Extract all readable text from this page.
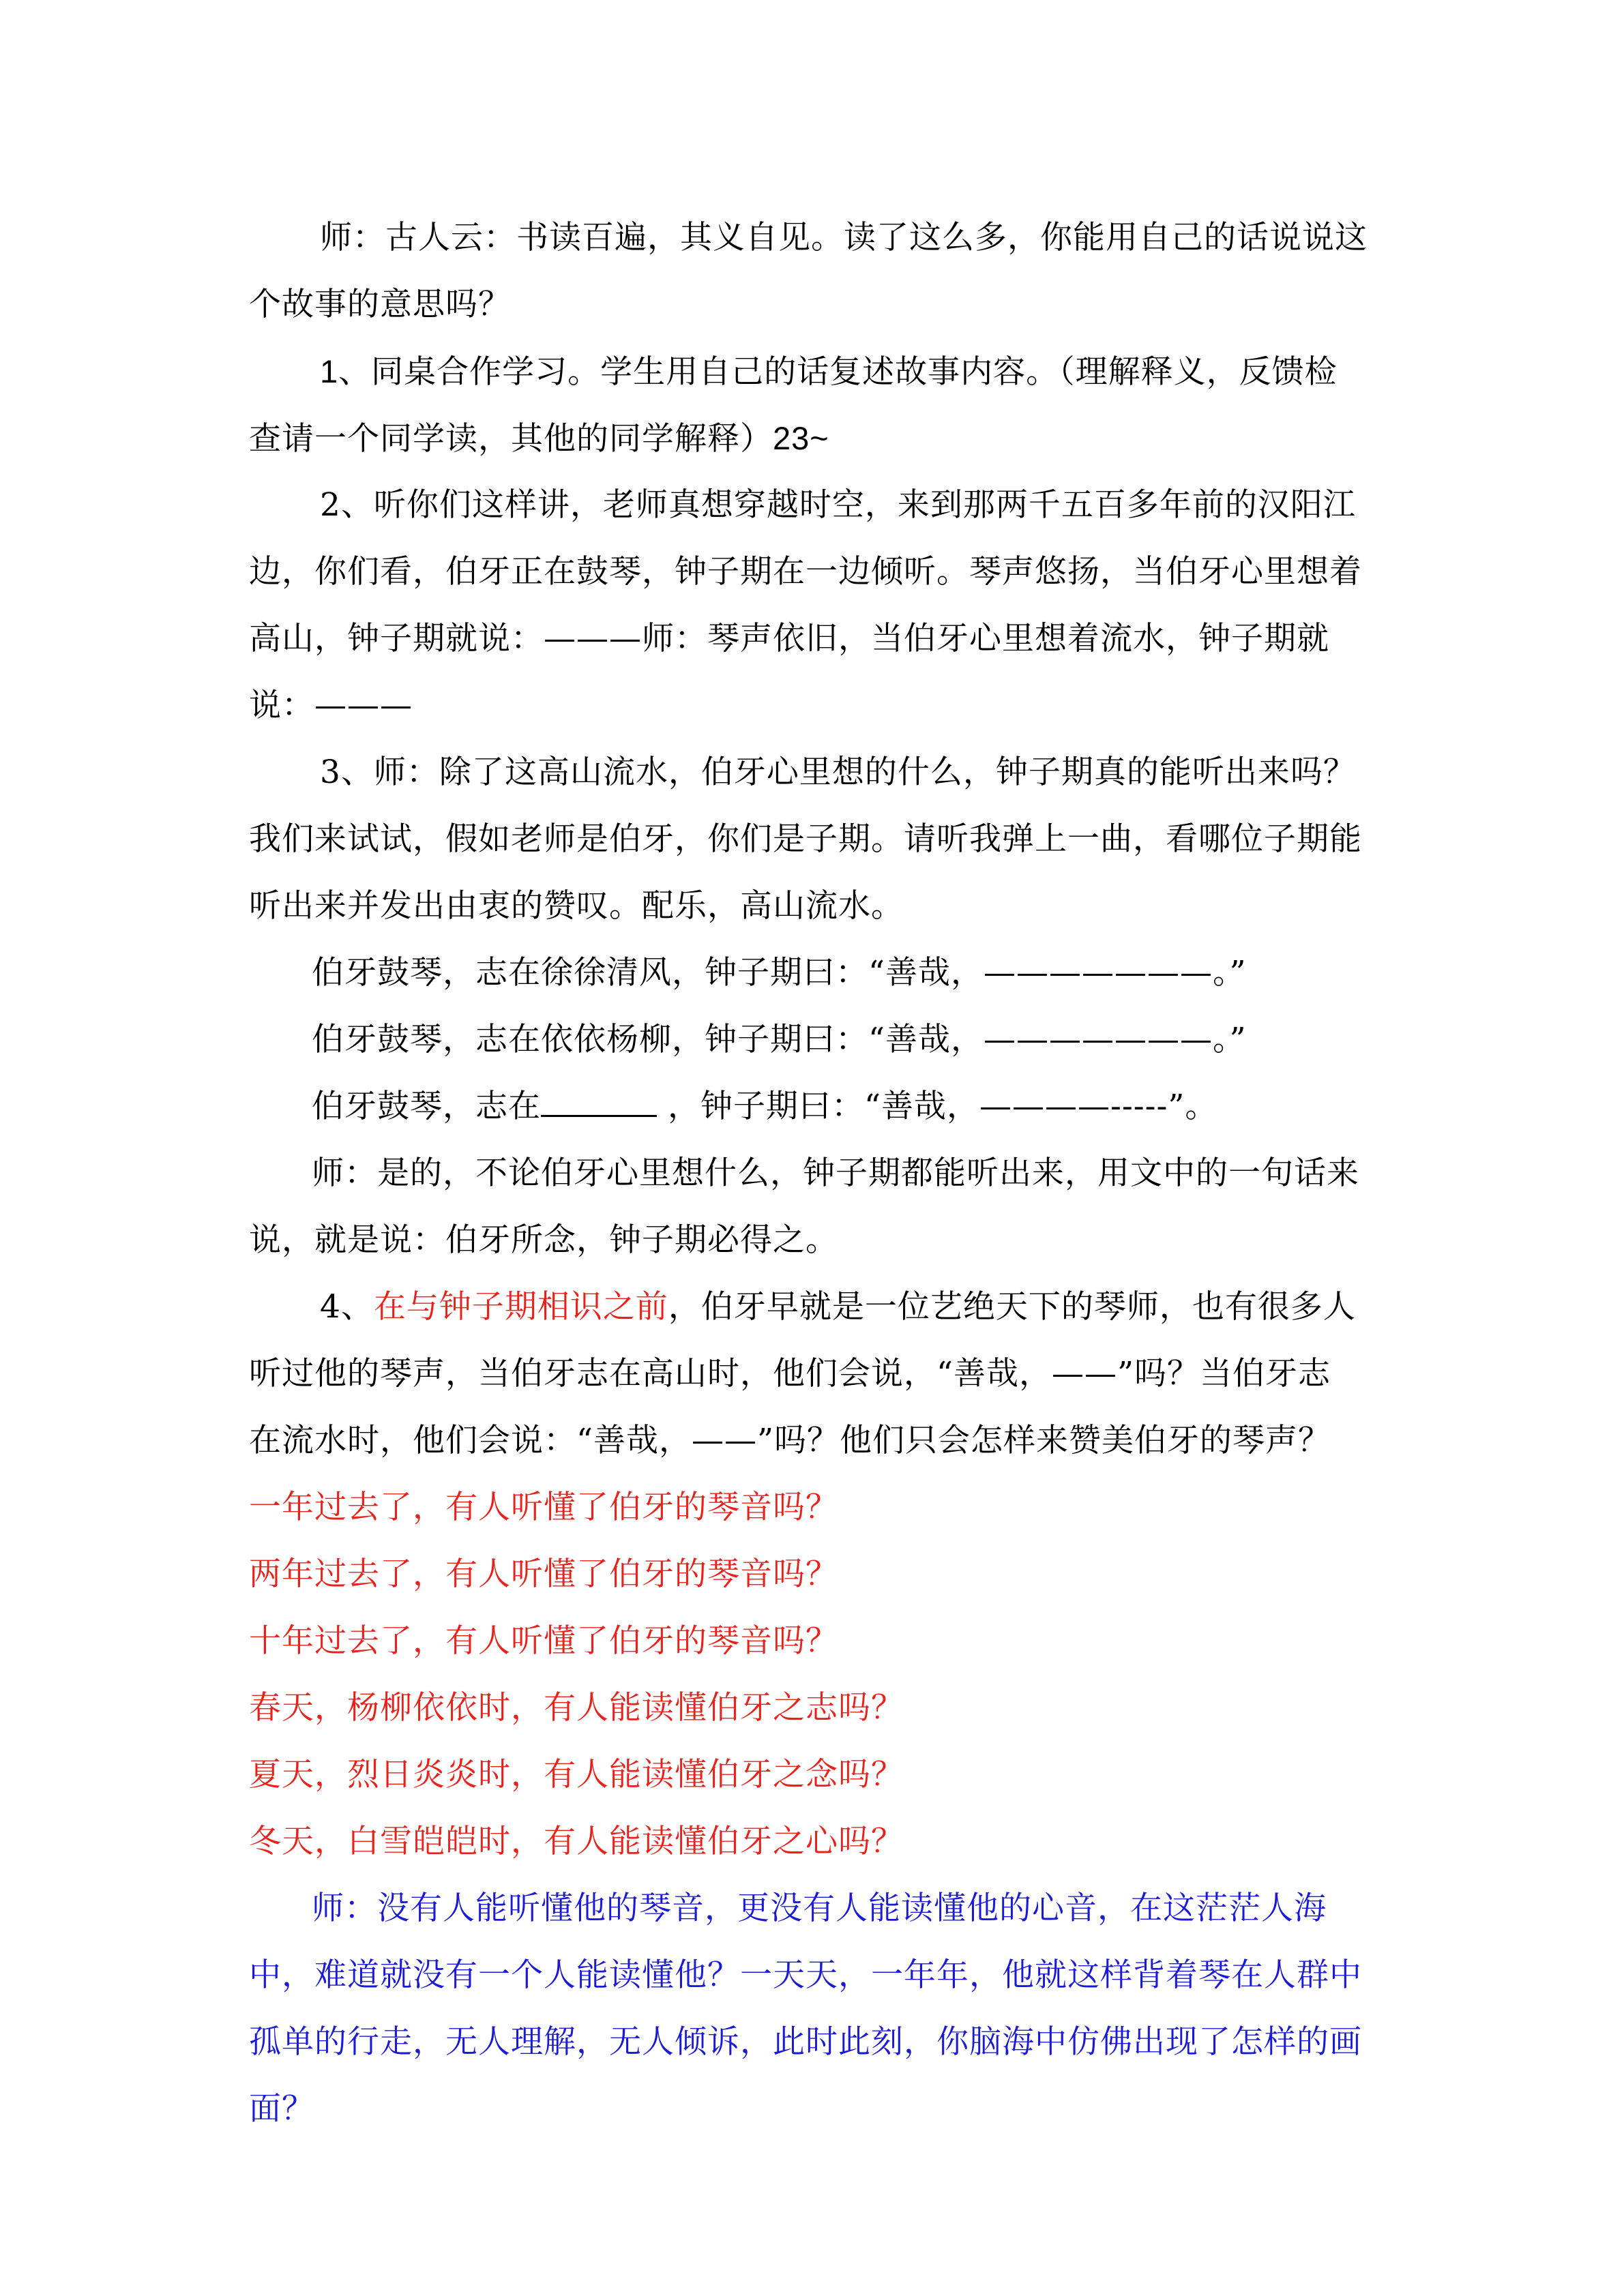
师：古人云：书读百遍，其义自见。读了这么多，你能用自己的话说说这
个故事的意思吗？
1、同桌合作学习。学生用自己的话复述故事内容。（理解释义，反馈检
查请一个同学读，其他的同学解释）23~
2、听你们这样讲，老师真想穿越时空，来到那两千五百多年前的汉阳江
边，你们看，伯牙正在鼓琴，钟子期在一边倾听。琴声悠扬，当伯牙心里想着
高山，钟子期就说：———师：琴声依旧，当伯牙心里想着流水，钟子期就
说：———
3、师：除了这高山流水，伯牙心里想的什么，钟子期真的能听出来吗？
我们来试试，假如老师是伯牙，你们是子期。请听我弹上一曲，看哪位子期能
听出来并发出由衷的赞叹。配乐，高山流水。
伯牙鼓琴，志在徐徐清风，钟子期曰：“善哉，———————。”
伯牙鼓琴，志在依依杨柳，钟子期曰：“善哉，———————。”
伯牙鼓琴，志在	，钟子期曰：“善哉，————-----”。
师：是的，不论伯牙心里想什么，钟子期都能听出来，用文中的一句话来
说，就是说：伯牙所念，钟子期必得之。
4、在与钟子期相识之前，伯牙早就是一位艺绝天下的琴师，也有很多人
听过他的琴声，当伯牙志在高山时，他们会说，“善哉，——”吗？当伯牙志
在流水时，他们会说：“善哉，——”吗？他们只会怎样来赞美伯牙的琴声？
一年过去了，有人听懂了伯牙的琴音吗？
两年过去了，有人听懂了伯牙的琴音吗？
十年过去了，有人听懂了伯牙的琴音吗？
春天，杨柳依依时，有人能读懂伯牙之志吗？
夏天，烈日炎炎时，有人能读懂伯牙之念吗？
冬天，白雪皑皑时，有人能读懂伯牙之心吗？
师：没有人能听懂他的琴音，更没有人能读懂他的心音，在这茫茫人海
中，难道就没有一个人能读懂他？一天天，一年年，他就这样背着琴在人群中
孤单的行走，无人理解，无人倾诉，此时此刻，你脑海中仿佛出现了怎样的画
面？
